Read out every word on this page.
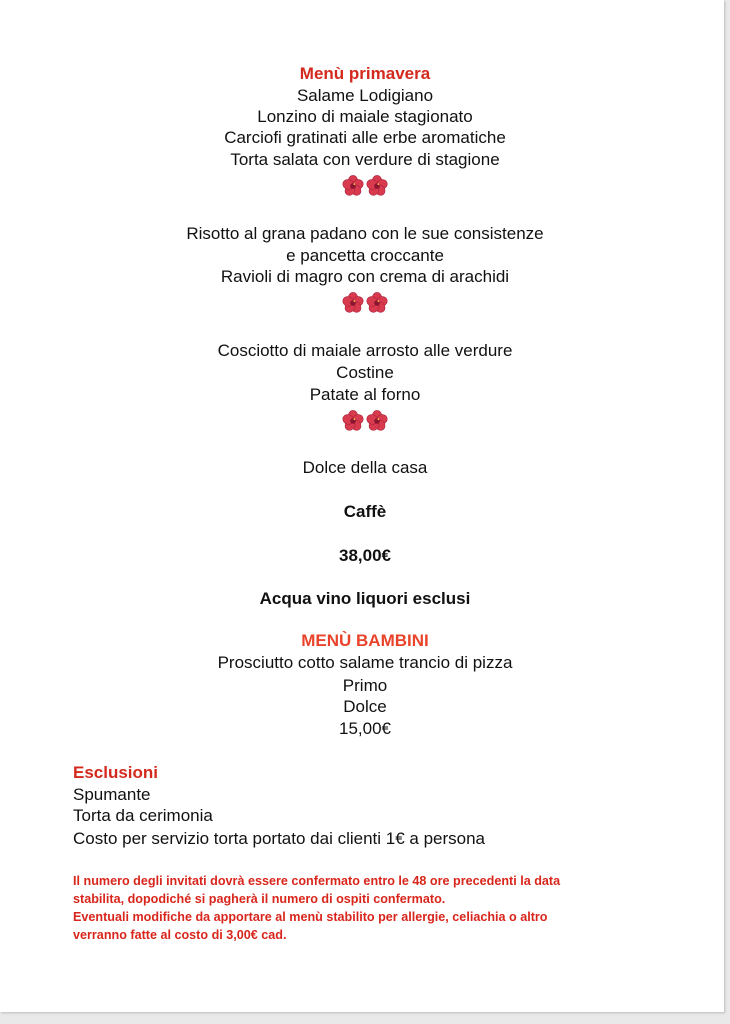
Menù primavera
Salame Lodigiano
Lonzino di maiale stagionato
Carciofi gratinati alle erbe aromatiche
Torta salata con verdure di stagione
Risotto al grana padano con le sue consistenze
e pancetta croccante
Ravioli di magro con crema di arachidi
Cosciotto di maiale arrosto alle verdure
Costine
Patate al forno
Dolce della casa
Caffè
38,00€
Acqua vino liquori esclusi
MENÙ BAMBINI
Prosciutto cotto salame trancio di pizza
Primo
Dolce
15,00€
Esclusioni
Spumante
Torta da cerimonia
Costo per servizio torta portato dai clienti 1€ a persona
Il numero degli invitati dovrà essere confermato entro le 48 ore precedenti la data
stabilita, dopodiché si pagherà il numero di ospiti confermato.
Eventuali modifiche da apportare al menù stabilito per allergie, celiachia o altro
verranno fatte al costo di 3,00€ cad.
